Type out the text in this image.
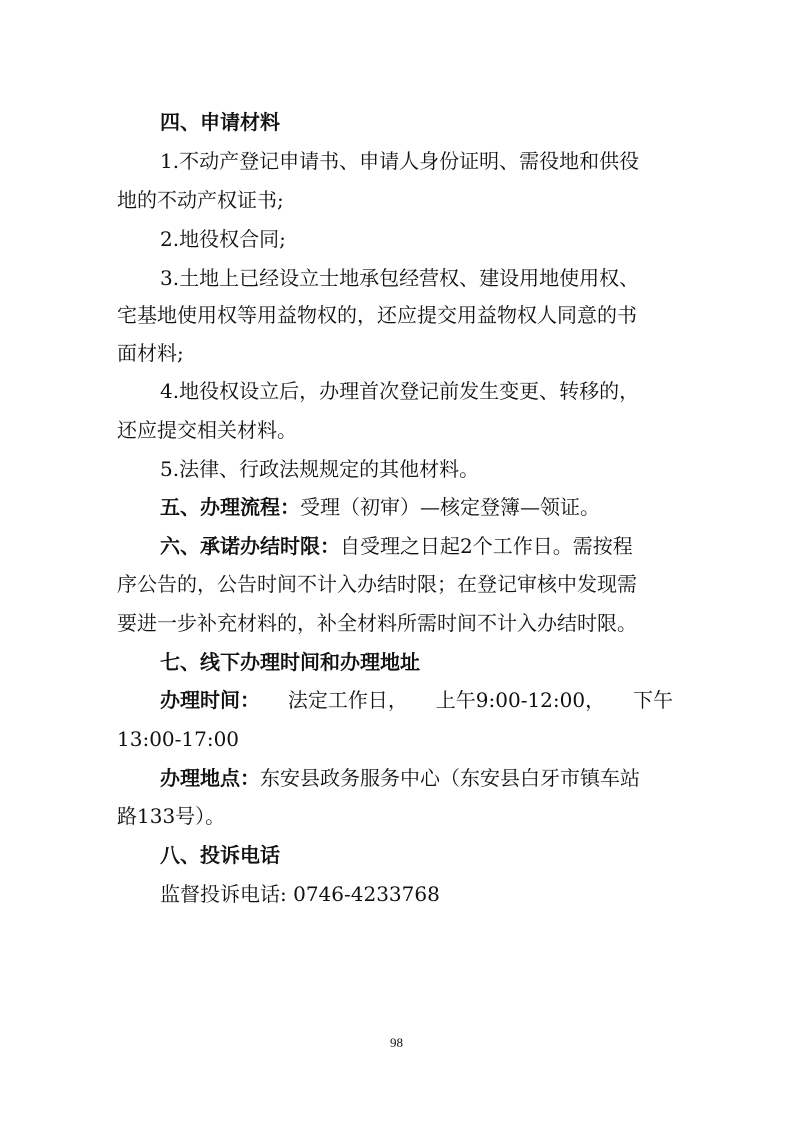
四、申请材料
1.不动产登记申请书、申请人身份证明、需役地和供役
地的不动产权证书;
2.地役权合同;
3.土地上已经设立士地承包经营权、建设用地使用权、
宅基地使用权等用益物权的，还应提交用益物权人同意的书
面材料;
4.地役权设立后，办理首次登记前发生变更、转移的，
还应提交相关材料。
5.法律、行政法规规定的其他材料。
五、办理流程：受理（初审）—核定登簿—领证。
六、承诺办结时限：自受理之日起2个工作日。需按程
序公告的，公告时间不计入办结时限；在登记审核中发现需
要进一步补充材料的，补全材料所需时间不计入办结时限。
七、线下办理时间和办理地址
办理时间： 法定工作日， 上午9:00-12:00， 下午
13:00-17:00
办理地点：东安县政务服务中心（东安县白牙市镇车站
路133号）。
八、投诉电话
监督投诉电话: 0746-4233768
98
